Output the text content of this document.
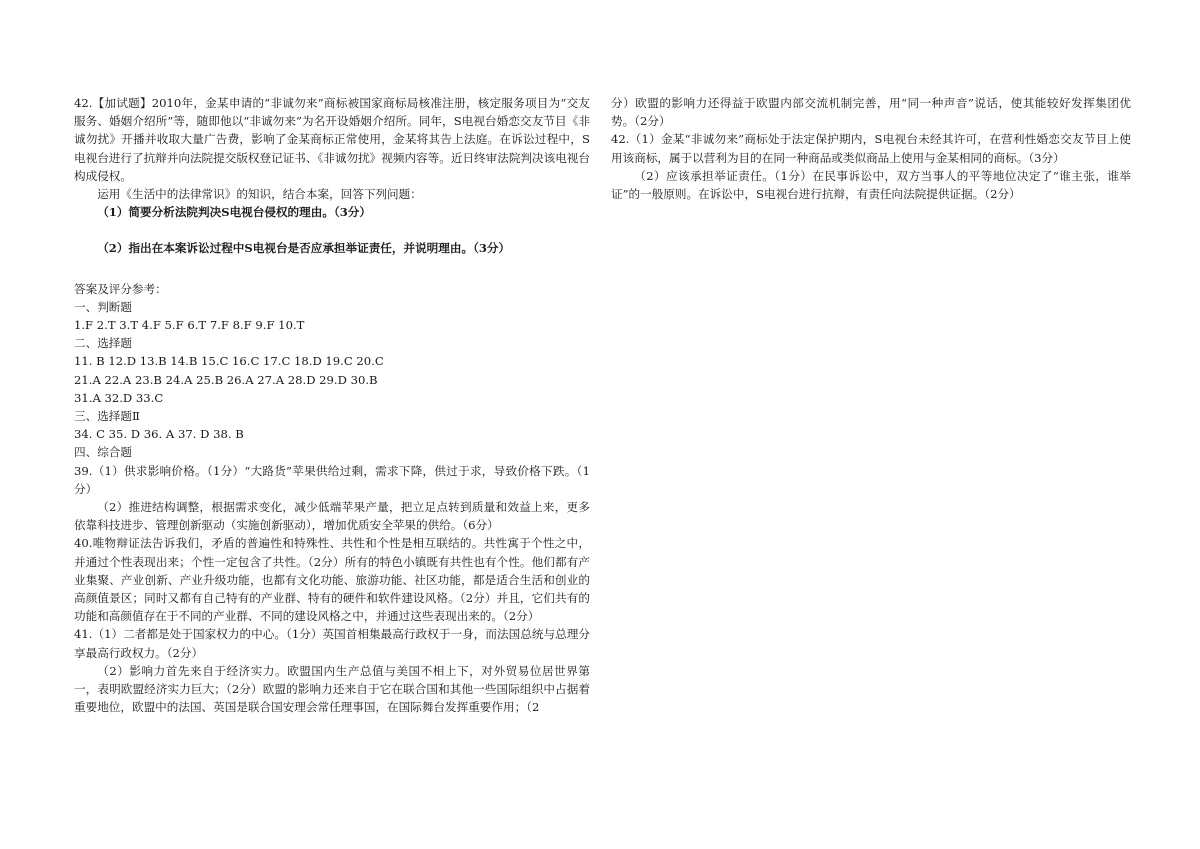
42.【加试题】2010年，金某申请的“非诚勿来”商标被国家商标局核准注册，核定服务项目为“交友服务、婚姻介绍所”等，随即他以“非诚勿来”为名开设婚姻介绍所。同年，S电视台婚恋交友节目《非诚勿扰》开播并收取大量广告费，影响了金某商标正常使用，金某将其告上法庭。在诉讼过程中，S电视台进行了抗辩并向法院提交版权登记证书、《非诚勿扰》视频内容等。近日终审法院判决该电视台构成侵权。

运用《生活中的法律常识》的知识，结合本案，回答下列问题：

（1）简要分析法院判决S电视台侵权的理由。（3分）

（2）指出在本案诉讼过程中S电视台是否应承担举证责任，并说明理由。（3分）

答案及评分参考：

一、判断题

1.F 2.T 3.T 4.F 5.F 6.T 7.F 8.F 9.F 10.T

二、选择题

11. B 12.D 13.B 14.B 15.C 16.C 17.C 18.D 19.C 20.C

21.A 22.A 23.B 24.A 25.B 26.A 27.A 28.D 29.D 30.B

31.A 32.D 33.C

三、选择题Ⅱ

34. C 35. D 36. A 37. D 38. B

四、综合题

39.（1）供求影响价格。（1分）“大路货”苹果供给过剩，需求下降，供过于求，导致价格下跌。（1分）

（2）推进结构调整，根据需求变化，减少低端苹果产量，把立足点转到质量和效益上来，更多依靠科技进步、管理创新驱动（实施创新驱动），增加优质安全苹果的供给。（6分）

40.唯物辩证法告诉我们，矛盾的普遍性和特殊性、共性和个性是相互联结的。共性寓于个性之中，并通过个性表现出来；个性一定包含了共性。（2分）所有的特色小镇既有共性也有个性。他们都有产业集聚、产业创新、产业升级功能，也都有文化功能、旅游功能、社区功能，都是适合生活和创业的高颜值景区；同时又都有自己特有的产业群、特有的硬件和软件建设风格。（2分）并且，它们共有的功能和高颜值存在于不同的产业群、不同的建设风格之中，并通过这些表现出来的。（2分）

41.（1）二者都是处于国家权力的中心。（1分）英国首相集最高行政权于一身，而法国总统与总理分享最高行政权力。（2分）

（2）影响力首先来自于经济实力。欧盟国内生产总值与美国不相上下，对外贸易位居世界第一，表明欧盟经济实力巨大；（2分）欧盟的影响力还来自于它在联合国和其他一些国际组织中占据着重要地位，欧盟中的法国、英国是联合国安理会常任理事国，在国际舞台发挥重要作用；（2

分）欧盟的影响力还得益于欧盟内部交流机制完善，用“同一种声音”说话，使其能较好发挥集团优势。（2分）

42.（1）金某“非诚勿来”商标处于法定保护期内，S电视台未经其许可，在营利性婚恋交友节目上使用该商标，属于以营利为目的在同一种商品或类似商品上使用与金某相同的商标。（3分）

（2）应该承担举证责任。（1分）在民事诉讼中，双方当事人的平等地位决定了“谁主张，谁举证”的一般原则。在诉讼中，S电视台进行抗辩，有责任向法院提供证据。（2分）
